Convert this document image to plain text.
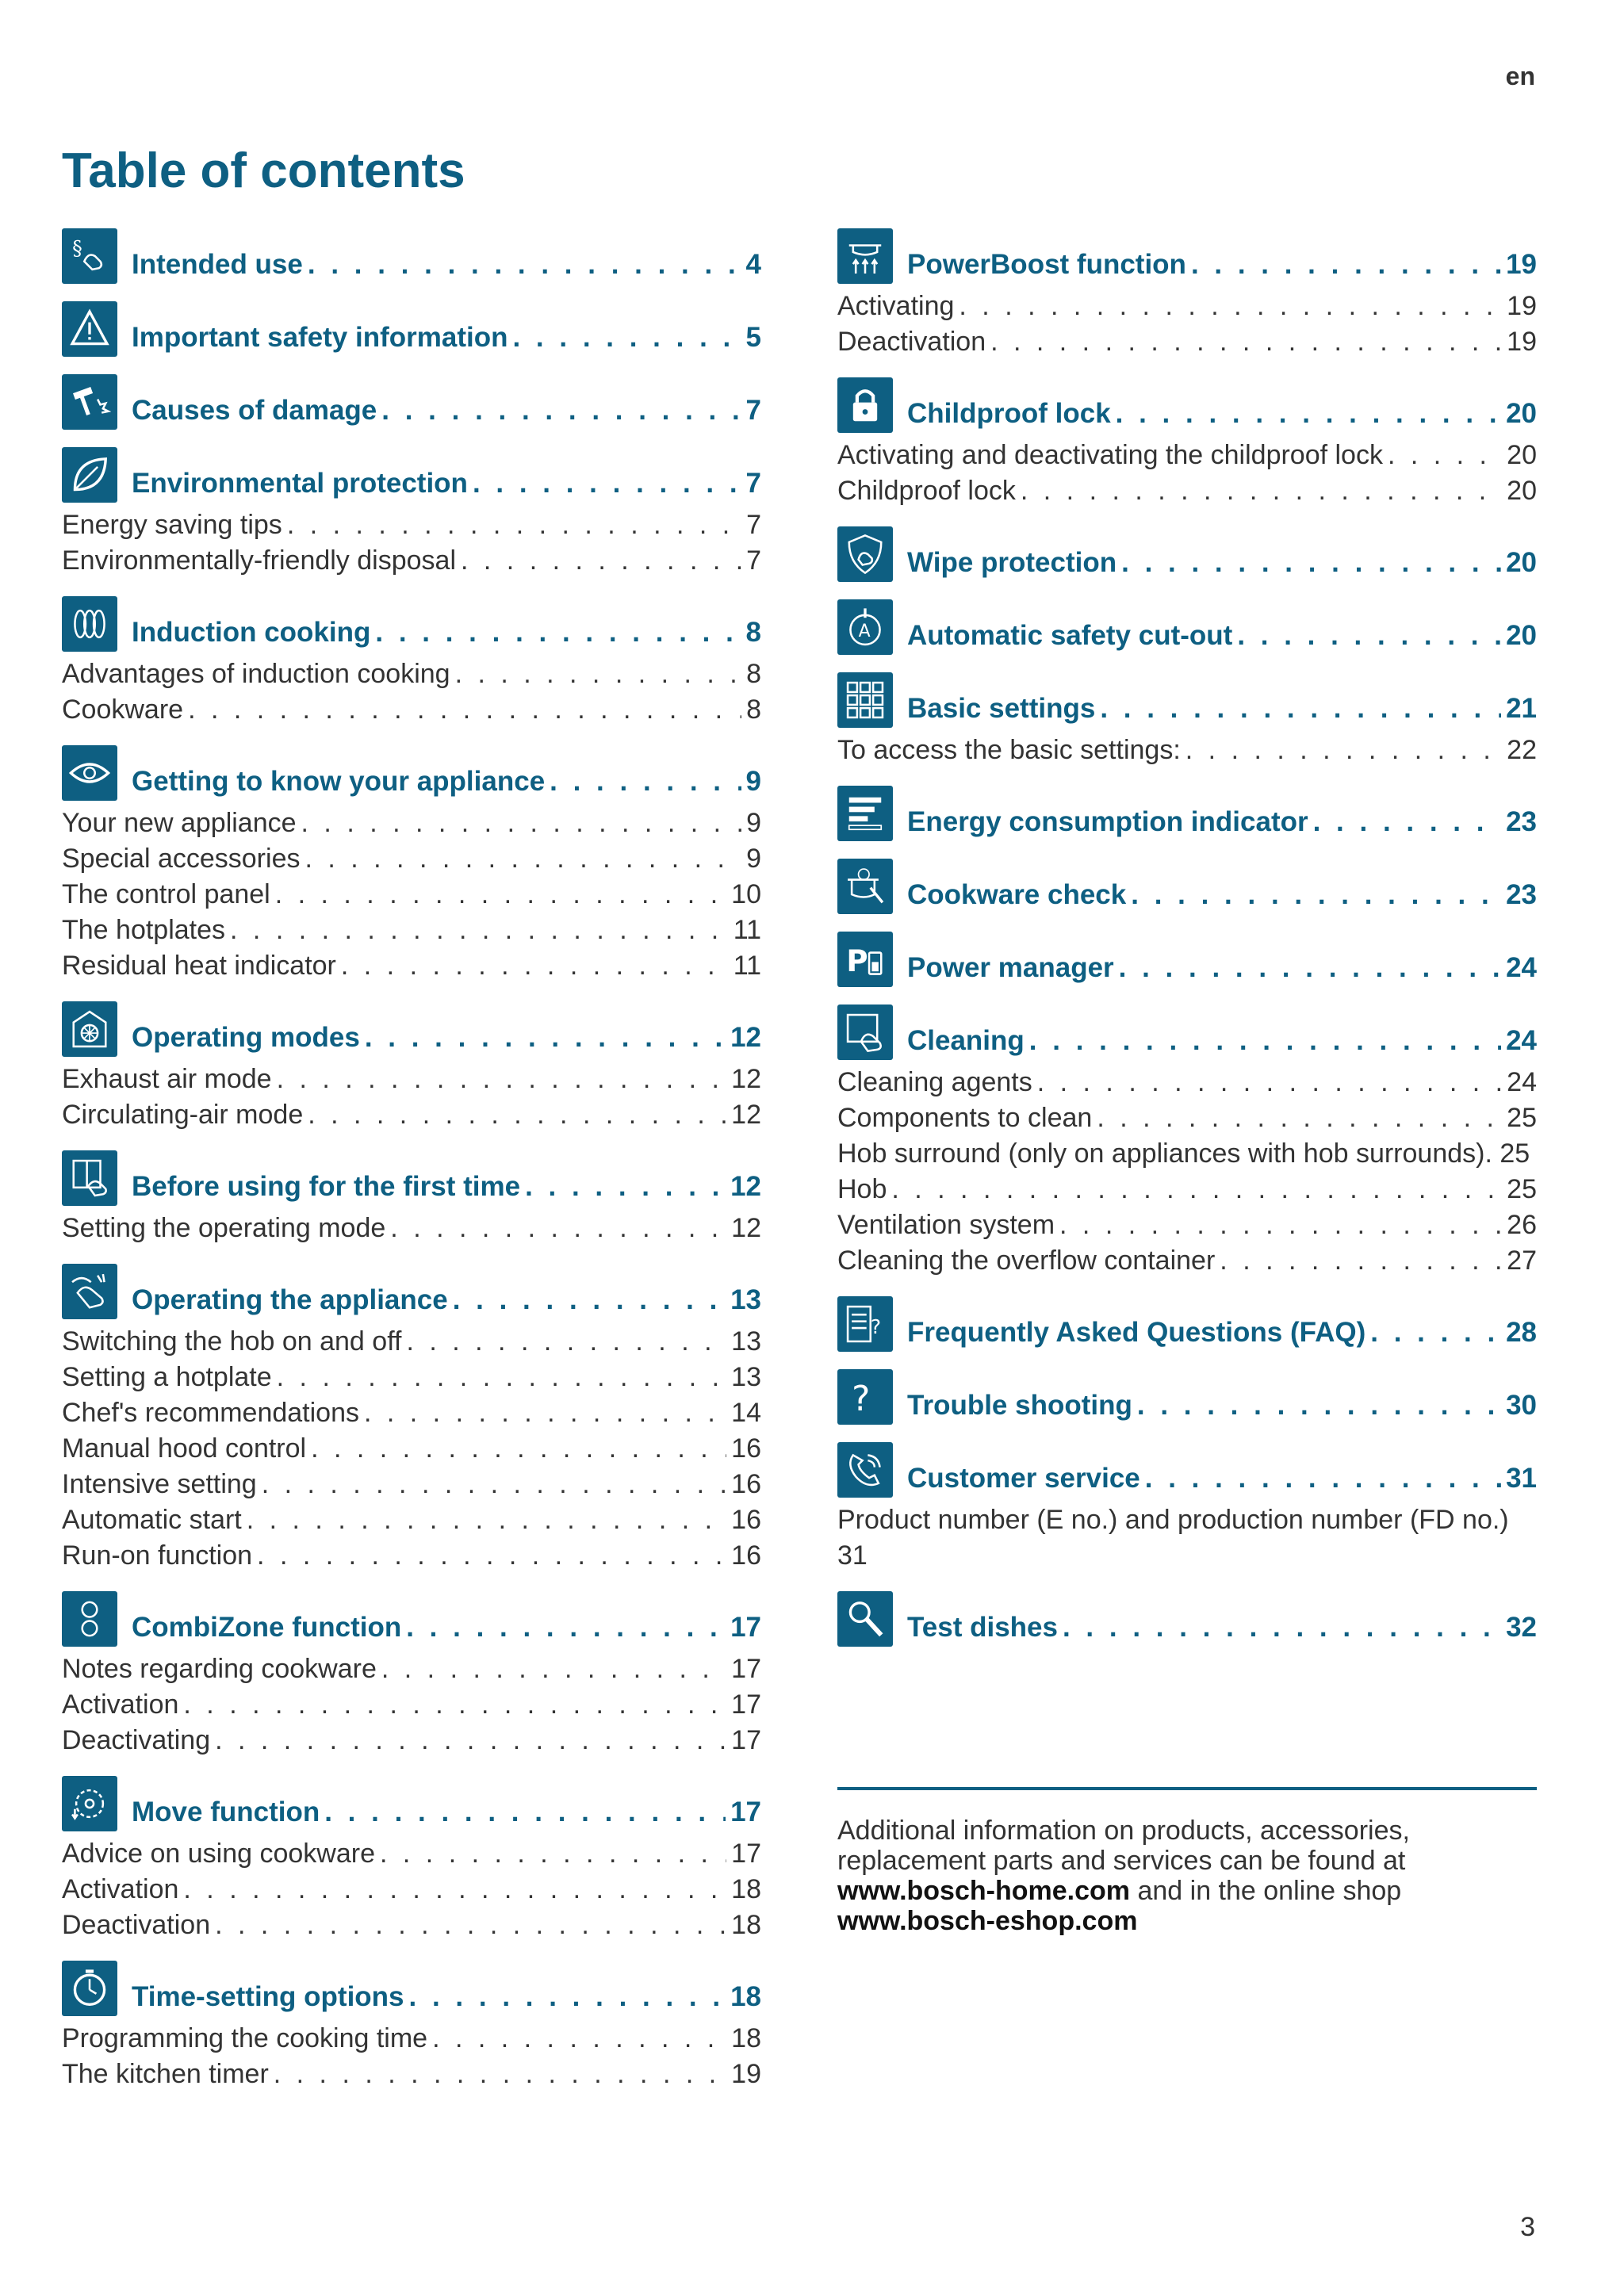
en
Table of contents
§
Intended use . . .	4
Important safety information . . .	5
Causes of damage . . .	7
Environmental protection . . .	7
Energy saving tips . . .	7
Environmentally-friendly disposal . . .	7
Induction cooking . . .	8
Advantages of induction cooking . . .	8
Cookware . . .	8
Getting to know your appliance . . .	9
Your new appliance . . .	9
Special accessories . . .	9
The control panel . . .	10
The hotplates . . .	11
Residual heat indicator . . .	11
Operating modes . . .	12
Exhaust air mode . . .	12
Circulating-air mode . . .	12
Before using for the first time . . .	12
Setting the operating mode . . .	12
Operating the appliance . . .	13
Switching the hob on and off . . .	13
Setting a hotplate . . .	13
Chef's recommendations . . .	14
Manual hood control . . .	16
Intensive setting . . .	16
Automatic start . . .	16
Run-on function . . .	16
CombiZone function . . .	17
Notes regarding cookware . . .	17
Activation . . .	17
Deactivating . . .	17
Move function . . .	17
Advice on using cookware . . .	17
Activation . . .	18
Deactivation . . .	18
Time-setting options . . .	18
Programming the cooking time . . .	18
The kitchen timer . . .	19
PowerBoost function . . .	19
Activating . . .	19
Deactivation . . .	19
Childproof lock . . .	20
Activating and deactivating the childproof lock . . .	20
Childproof lock . . .	20
Wipe protection . . .	20
A Automatic safety cut-out . . .	20
Basic settings . . .	21
To access the basic settings: . . .	22
Energy consumption indicator . . .	23
Cookware check . . .	23
P Power manager . . .	24
Cleaning . . .	24
Cleaning agents . . .	24
Components to clean . . .	25
Hob surround (only on appliances with hob surrounds). 25
Hob . . .	25
Ventilation system . . .	26
Cleaning the overflow container . . .	27
? Frequently Asked Questions (FAQ) . . .	28
? Trouble shooting . . .	30
Customer service . . .	31
Product number (E no.) and production number (FD no.) 31
Test dishes . . .	32
Additional information on products, accessories, replacement parts and services can be found at www.bosch-home.com and in the online shop www.bosch-eshop.com
3
